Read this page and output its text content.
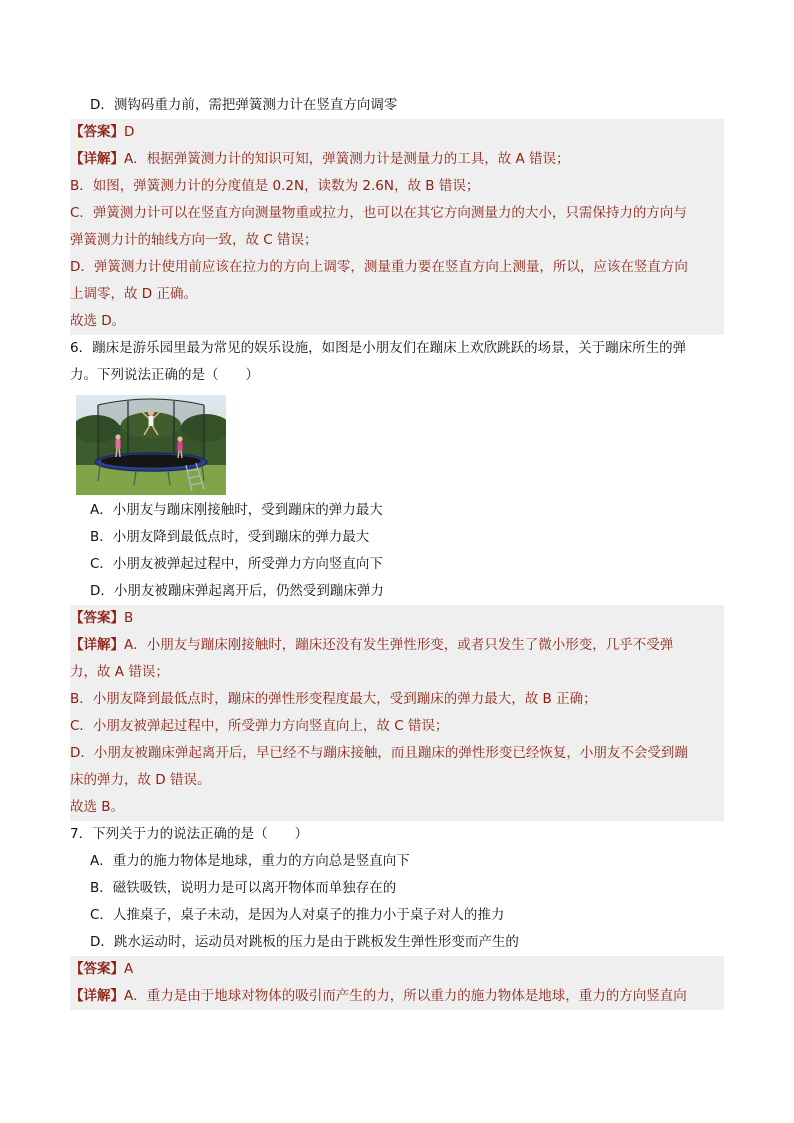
D．测钩码重力前，需把弹簧测力计在竖直方向调零
【答案】D
【详解】A．根据弹簧测力计的知识可知，弹簧测力计是测量力的工具，故 A 错误；
B．如图，弹簧测力计的分度值是 0.2N，读数为 2.6N，故 B 错误；
C．弹簧测力计可以在竖直方向测量物重或拉力，也可以在其它方向测量力的大小，只需保持力的方向与
弹簧测力计的轴线方向一致，故 C 错误；
D．弹簧测力计使用前应该在拉力的方向上调零，测量重力要在竖直方向上测量，所以，应该在竖直方向
上调零，故 D 正确。
故选 D。
6．蹦床是游乐园里最为常见的娱乐设施，如图是小朋友们在蹦床上欢欣跳跃的场景，关于蹦床所生的弹
力。下列说法正确的是（　　）
A．小朋友与蹦床刚接触时，受到蹦床的弹力最大
B．小朋友降到最低点时，受到蹦床的弹力最大
C．小朋友被弹起过程中，所受弹力方向竖直向下
D．小朋友被蹦床弹起离开后，仍然受到蹦床弹力
【答案】B
【详解】A．小朋友与蹦床刚接触时，蹦床还没有发生弹性形变，或者只发生了微小形变，几乎不受弹
力，故 A 错误；
B．小朋友降到最低点时，蹦床的弹性形变程度最大，受到蹦床的弹力最大，故 B 正确；
C．小朋友被弹起过程中，所受弹力方向竖直向上，故 C 错误；
D．小朋友被蹦床弹起离开后，早已经不与蹦床接触，而且蹦床的弹性形变已经恢复，小朋友不会受到蹦
床的弹力，故 D 错误。
故选 B。
7．下列关于力的说法正确的是（　　）
A．重力的施力物体是地球，重力的方向总是竖直向下
B．磁铁吸铁，说明力是可以离开物体而单独存在的
C．人推桌子，桌子未动，是因为人对桌子的推力小于桌子对人的推力
D．跳水运动时，运动员对跳板的压力是由于跳板发生弹性形变而产生的
【答案】A
【详解】A．重力是由于地球对物体的吸引而产生的力，所以重力的施力物体是地球，重力的方向竖直向
